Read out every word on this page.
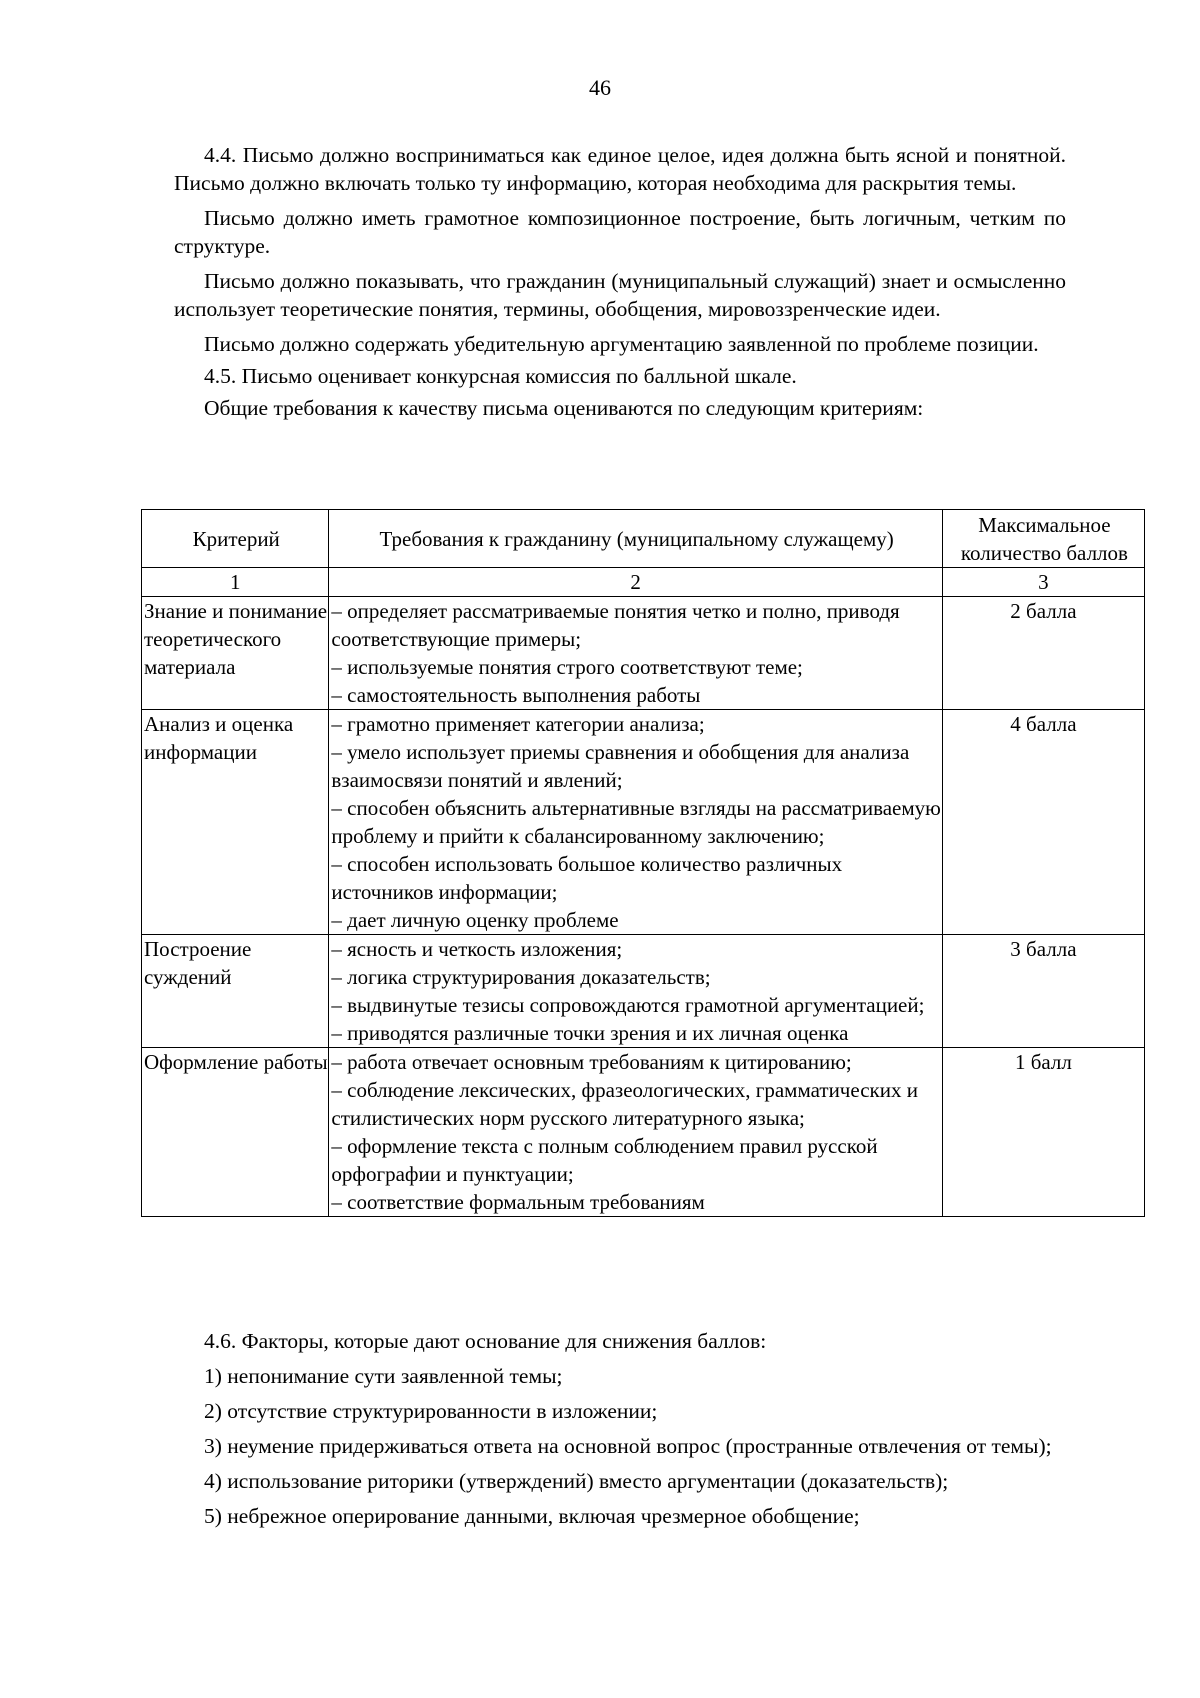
46

4.4. Письмо должно восприниматься как единое целое, идея должна быть ясной и понятной. Письмо должно включать только ту информацию, которая необходима для раскрытия темы.

Письмо должно иметь грамотное композиционное построение, быть логичным, четким по структуре.

Письмо должно показывать, что гражданин (муниципальный служащий) знает и осмысленно использует теоретические понятия, термины, обобщения, мировоззренческие идеи.

Письмо должно содержать убедительную аргументацию заявленной по проблеме позиции.

4.5. Письмо оценивает конкурсная комиссия по балльной шкале.

Общие требования к качеству письма оцениваются по следующим критериям:

Критерий	Требования к гражданину (муниципальному служащему)	Максимальное количество баллов
1	2	3
Знание и понимание теоретического материала	– определяет рассматриваемые понятия четко и полно, приводя соответствующие примеры;
– используемые понятия строго соответствуют теме;
– самостоятельность выполнения работы	2 балла
Анализ и оценка информации	– грамотно применяет категории анализа;
– умело использует приемы сравнения и обобщения для анализа взаимосвязи понятий и явлений;
– способен объяснить альтернативные взгляды на рассматриваемую проблему и прийти к сбалансированному заключению;
– способен использовать большое количество различных источников информации;
– дает личную оценку проблеме	4 балла
Построение суждений	– ясность и четкость изложения;
– логика структурирования доказательств;
– выдвинутые тезисы сопровождаются грамотной аргументацией;
– приводятся различные точки зрения и их личная оценка	3 балла
Оформление работы	– работа отвечает основным требованиям к цитированию;
– соблюдение лексических, фразеологических, грамматических и стилистических норм русского литературного языка;
– оформление текста с полным соблюдением правил русской орфографии и пунктуации;
– соответствие формальным требованиям	1 балл

4.6. Факторы, которые дают основание для снижения баллов:

1) непонимание сути заявленной темы;

2) отсутствие структурированности в изложении;

3) неумение придерживаться ответа на основной вопрос (пространные отвлечения от темы);

4) использование риторики (утверждений) вместо аргументации (доказательств);

5) небрежное оперирование данными, включая чрезмерное обобщение;
